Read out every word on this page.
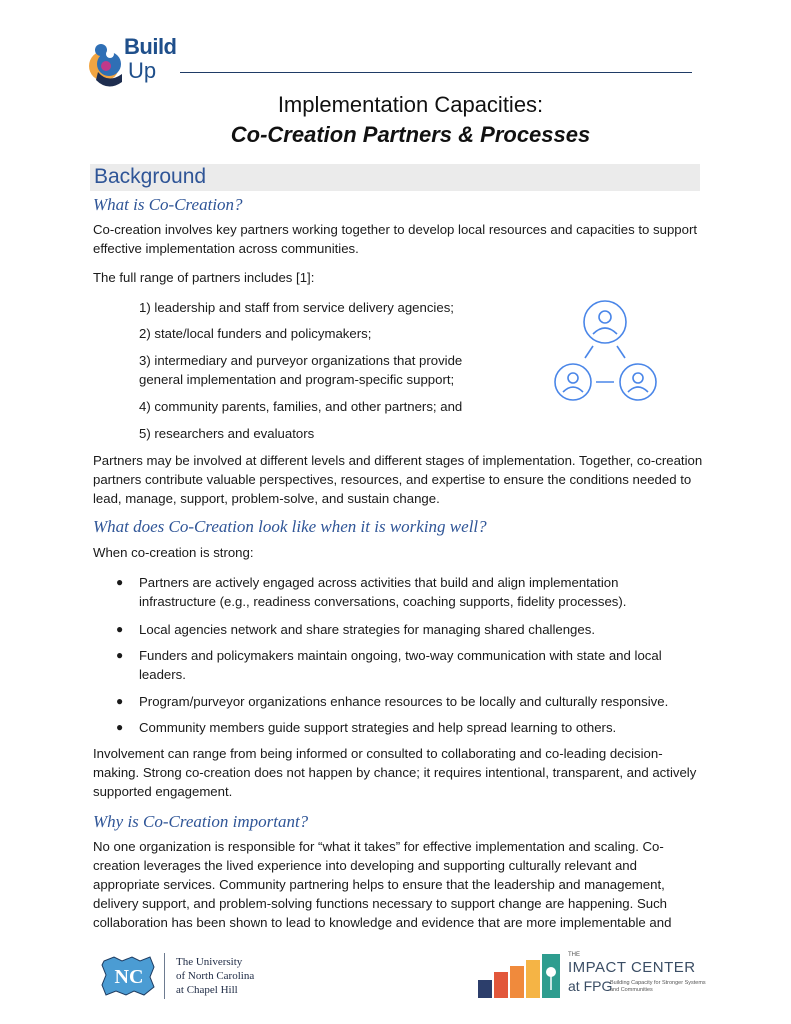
Build
Up
Implementation Capacities:
Co-Creation Partners & Processes
Background
What is Co-Creation?
Co-creation involves key partners working together to develop local resources and capacities to support effective implementation across communities.
The full range of partners includes [1]:
1) leadership and staff from service delivery agencies;
2) state/local funders and policymakers;
3) intermediary and purveyor organizations that provide general implementation and program-specific support;
4) community parents, families, and other partners; and
5) researchers and evaluators
Partners may be involved at different levels and different stages of implementation. Together, co-creation partners contribute valuable perspectives, resources, and expertise to ensure the conditions needed to lead, manage, support, problem-solve, and sustain change.
What does Co-Creation look like when it is working well?
When co-creation is strong:
● Partners are actively engaged across activities that build and align implementation infrastructure (e.g., readiness conversations, coaching supports, fidelity processes).
● Local agencies network and share strategies for managing shared challenges.
● Funders and policymakers maintain ongoing, two-way communication with state and local leaders.
● Program/purveyor organizations enhance resources to be locally and culturally responsive.
● Community members guide support strategies and help spread learning to others.
Involvement can range from being informed or consulted to collaborating and co-leading decision-making. Strong co-creation does not happen by chance; it requires intentional, transparent, and actively supported engagement.
Why is Co-Creation important?
No one organization is responsible for “what it takes” for effective implementation and scaling. Co-creation leverages the lived experience into developing and supporting culturally relevant and appropriate services. Community partnering helps to ensure that the leadership and management, delivery support, and problem-solving functions necessary to support change are happening. Such collaboration has been shown to lead to knowledge and evidence that are more implementable and
NC
The University
of North Carolina
at Chapel Hill
THE
IMPACT CENTER
at FPG
Building Capacity for Stronger Systems and Communities
